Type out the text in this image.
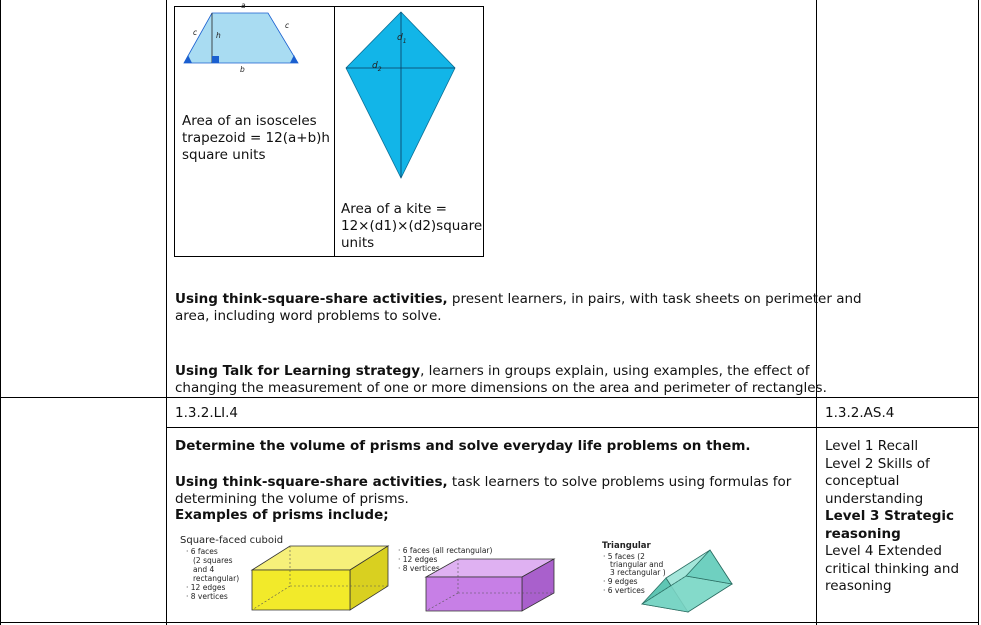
a
c	h
c
b
Area of an isosceles
trapezoid = 12(a+b)h
square units
$d_1$
$d_2$
Area of a kite =
12×(d1)×(d2)square
units
Using think-square-share activities, present learners, in pairs, with task sheets on perimeter and
area, including word problems to solve.
Using Talk for Learning strategy, learners in groups explain, using examples, the effect of
changing the measurement of one or more dimensions on the area and perimeter of rectangles.
1.3.2.LI.4	1.3.2.AS.4
Determine the volume of prisms and solve everyday life problems on them.
Using think-square-share activities, task learners to solve problems using formulas for
determining the volume of prisms.
Examples of prisms include;
Level 1 Recall
Level 2 Skills of
conceptual
understanding
Level 3 Strategic
reasoning
Level 4 Extended
critical thinking and
reasoning
Square-faced cuboid
· 6 faces
(2 squares
and 4
rectangular)
· 12 edges
· 8 vertices
· 6 faces (all rectangular)
· 12 edges
· 8 vertices
Triangular
· 5 faces (2
triangular and
3 rectangular )
· 9 edges
· 6 vertices
